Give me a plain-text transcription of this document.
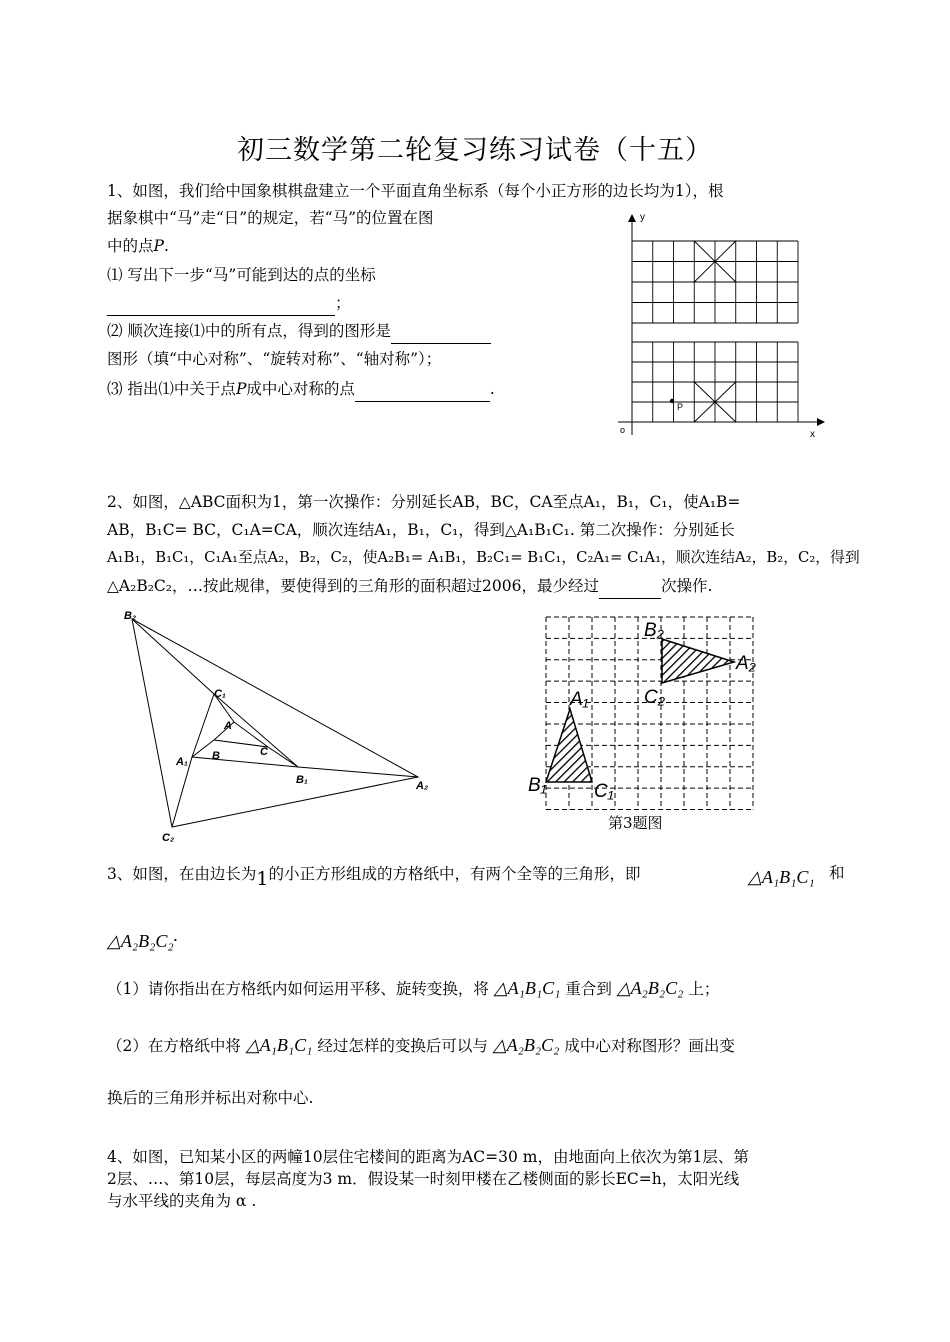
初三数学第二轮复习练习试卷（十五）
1、如图，我们给中国象棋棋盘建立一个平面直角坐标系（每个小正方形的边长均为1），根
据象棋中“马”走“日”的规定，若“马”的位置在图
中的点P.
⑴ 写出下一步“马”可能到达的点的坐标
；
⑵ 顺次连接⑴中的所有点，得到的图形是
图形（填“中心对称”、“旋转对称”、“轴对称”）；
⑶ 指出⑴中关于点P成中心对称的点	.
y
x
o
P
2、如图，△ABC面积为1，第一次操作：分别延长AB，BC，CA至点A₁，B₁，C₁，使A₁B=
AB，B₁C= BC，C₁A=CA，顺次连结A₁，B₁，C₁，得到△A₁B₁C₁. 第二次操作：分别延长
A₁B₁，B₁C₁，C₁A₁至点A₂，B₂，C₂，使A₂B₁= A₁B₁，B₂C₁= B₁C₁，C₂A₁= C₁A₁，顺次连结A₂，B₂，C₂，得到
△A₂B₂C₂，…按此规律，要使得到的三角形的面积超过2006，最少经过	次操作.
B₂
C₁
A
B	C
A₁
B₁	A₂
C₂
B₂
A₂
C₂
A₁
B₁ C₁
第3题图
3、如图，在由边长为1的小正方形组成的方格纸中，有两个全等的三角形，即	△A₁B₁C₁ 和
△A₂B₂C₂.
（1）请你指出在方格纸内如何运用平移、旋转变换，将 △A₁B₁C₁ 重合到 △A₂B₂C₂ 上；
（2）在方格纸中将 △A₁B₁C₁ 经过怎样的变换后可以与 △A₂B₂C₂ 成中心对称图形？画出变
换后的三角形并标出对称中心.
4、如图，已知某小区的两幢10层住宅楼间的距离为AC=30 m，由地面向上依次为第1层、第
2层、…、第10层，每层高度为3 m．假设某一时刻甲楼在乙楼侧面的影长EC=h，太阳光线
与水平线的夹角为 α .
